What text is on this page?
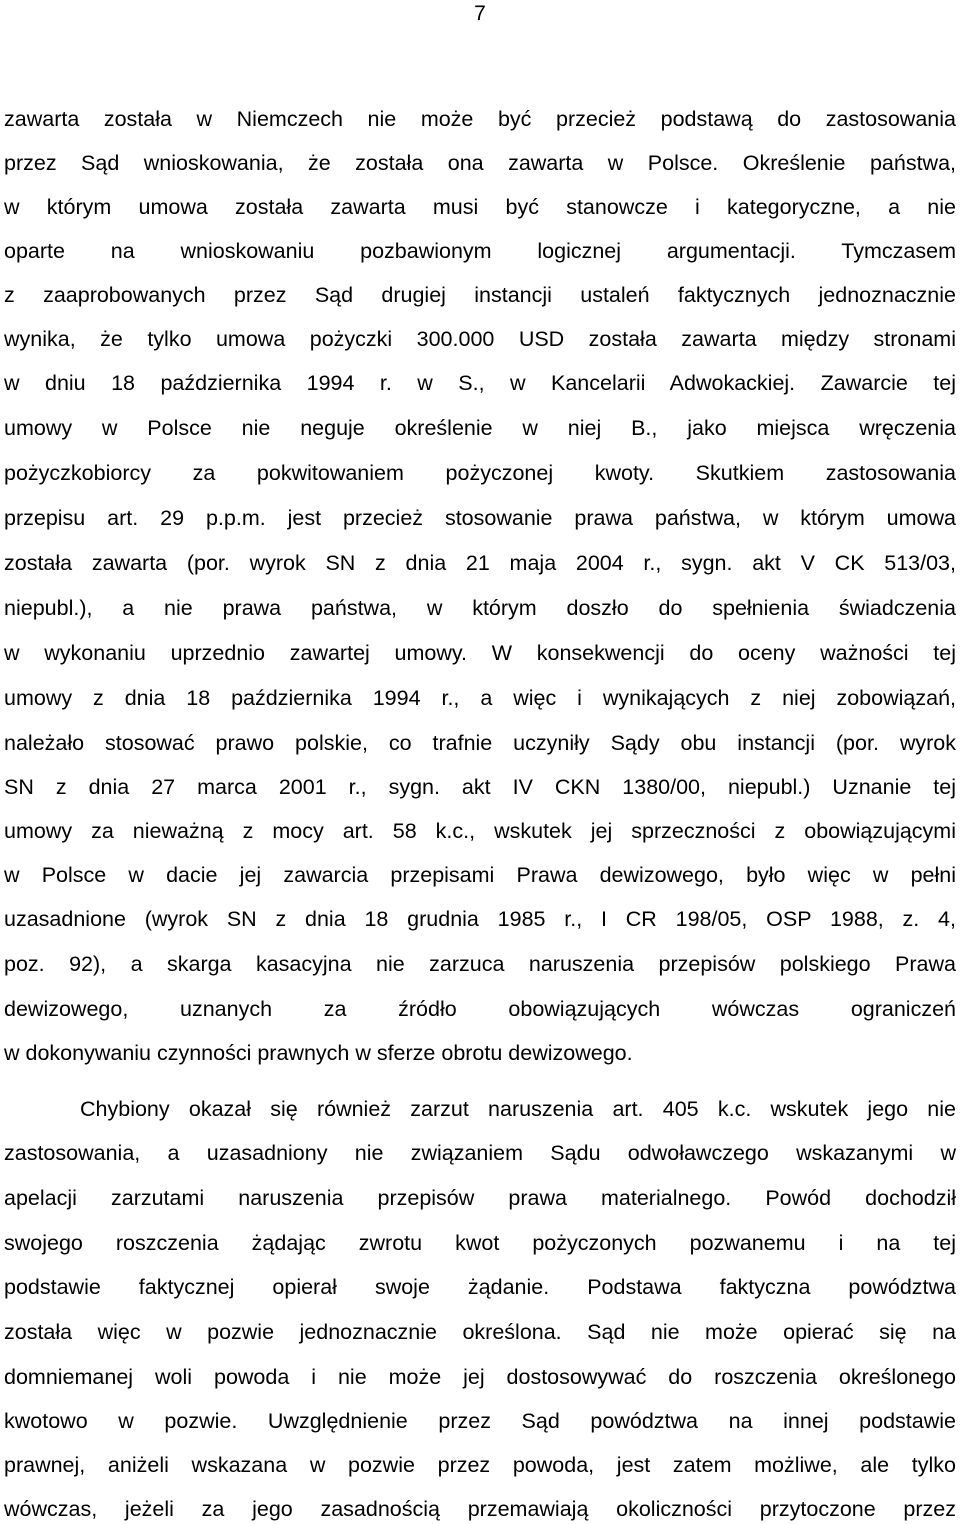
7
zawarta została w Niemczech nie może być przecież podstawą do zastosowania
przez Sąd wnioskowania, że została ona zawarta w Polsce. Określenie państwa,
w którym umowa została zawarta musi być stanowcze i kategoryczne, a nie
oparte na wnioskowaniu pozbawionym logicznej argumentacji. Tymczasem
z zaaprobowanych przez Sąd drugiej instancji ustaleń faktycznych jednoznacznie
wynika, że tylko umowa pożyczki 300.000 USD została zawarta między stronami
w dniu 18 października 1994 r. w S., w Kancelarii Adwokackiej. Zawarcie tej
umowy w Polsce nie neguje określenie w niej B., jako miejsca wręczenia
pożyczkobiorcy za pokwitowaniem pożyczonej kwoty. Skutkiem zastosowania
przepisu art. 29 p.p.m. jest przecież stosowanie prawa państwa, w którym umowa
została zawarta (por. wyrok SN z dnia 21 maja 2004 r., sygn. akt V CK 513/03,
niepubl.), a nie prawa państwa, w którym doszło do spełnienia świadczenia
w wykonaniu uprzednio zawartej umowy. W konsekwencji do oceny ważności tej
umowy z dnia 18 października 1994 r., a więc i wynikających z niej zobowiązań,
należało stosować prawo polskie, co trafnie uczyniły Sądy obu instancji (por. wyrok
SN z dnia 27 marca 2001 r., sygn. akt IV CKN 1380/00, niepubl.) Uznanie tej
umowy za nieważną z mocy art. 58 k.c., wskutek jej sprzeczności z obowiązującymi
w Polsce w dacie jej zawarcia przepisami Prawa dewizowego, było więc w pełni
uzasadnione (wyrok SN z dnia 18 grudnia 1985 r., I CR 198/05, OSP 1988, z. 4,
poz. 92), a skarga kasacyjna nie zarzuca naruszenia przepisów polskiego Prawa
dewizowego, uznanych za źródło obowiązujących wówczas ograniczeń
w dokonywaniu czynności prawnych w sferze obrotu dewizowego.
Chybiony okazał się również zarzut naruszenia art. 405 k.c. wskutek jego nie
zastosowania, a uzasadniony nie związaniem Sądu odwoławczego wskazanymi w
apelacji zarzutami naruszenia przepisów prawa materialnego. Powód dochodził
swojego roszczenia żądając zwrotu kwot pożyczonych pozwanemu i na tej
podstawie faktycznej opierał swoje żądanie. Podstawa faktyczna powództwa
została więc w pozwie jednoznacznie określona. Sąd nie może opierać się na
domniemanej woli powoda i nie może jej dostosowywać do roszczenia określonego
kwotowo w pozwie. Uwzględnienie przez Sąd powództwa na innej podstawie
prawnej, aniżeli wskazana w pozwie przez powoda, jest zatem możliwe, ale tylko
wówczas, jeżeli za jego zasadnością przemawiają okoliczności przytoczone przez
